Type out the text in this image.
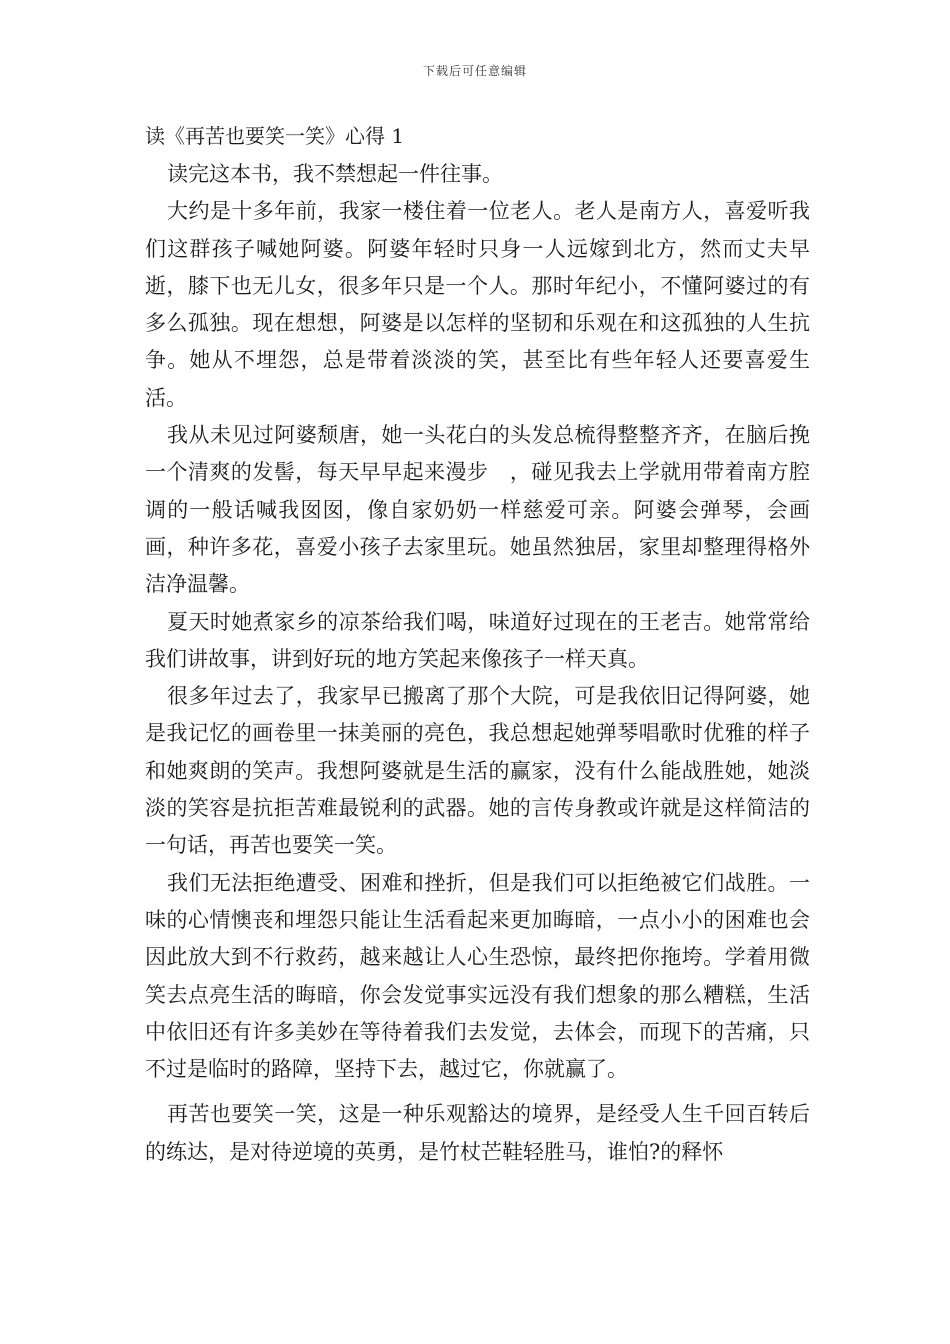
下载后可任意编辑
读《再苦也要笑一笑》心得 1

读完这本书，我不禁想起一件往事。

大约是十多年前，我家一楼住着一位老人。老人是南方人，喜爱听我们这群孩子喊她阿婆。阿婆年轻时只身一人远嫁到北方，然而丈夫早逝，膝下也无儿女，很多年只是一个人。那时年纪小，不懂阿婆过的有多么孤独。现在想想，阿婆是以怎样的坚韧和乐观在和这孤独的人生抗争。她从不埋怨，总是带着淡淡的笑，甚至比有些年轻人还要喜爱生活。

我从未见过阿婆颓唐，她一头花白的头发总梳得整整齐齐，在脑后挽一个清爽的发髻，每天早早起来漫步　，碰见我去上学就用带着南方腔调的一般话喊我囡囡，像自家奶奶一样慈爱可亲。阿婆会弹琴，会画画，种许多花，喜爱小孩子去家里玩。她虽然独居，家里却整理得格外洁净温馨。

夏天时她煮家乡的凉茶给我们喝，味道好过现在的王老吉。她常常给我们讲故事，讲到好玩的地方笑起来像孩子一样天真。

很多年过去了，我家早已搬离了那个大院，可是我依旧记得阿婆，她是我记忆的画卷里一抹美丽的亮色，我总想起她弹琴唱歌时优雅的样子和她爽朗的笑声。我想阿婆就是生活的赢家，没有什么能战胜她，她淡淡的笑容是抗拒苦难最锐利的武器。她的言传身教或许就是这样简洁的一句话，再苦也要笑一笑。

我们无法拒绝遭受、困难和挫折，但是我们可以拒绝被它们战胜。一味的心情懊丧和埋怨只能让生活看起来更加晦暗，一点小小的困难也会因此放大到不行救药，越来越让人心生恐惊，最终把你拖垮。学着用微笑去点亮生活的晦暗，你会发觉事实远没有我们想象的那么糟糕，生活中依旧还有许多美妙在等待着我们去发觉，去体会，而现下的苦痛，只不过是临时的路障，坚持下去，越过它，你就赢了。

再苦也要笑一笑，这是一种乐观豁达的境界，是经受人生千回百转后的练达，是对待逆境的英勇，是竹杖芒鞋轻胜马，谁怕?的释怀
